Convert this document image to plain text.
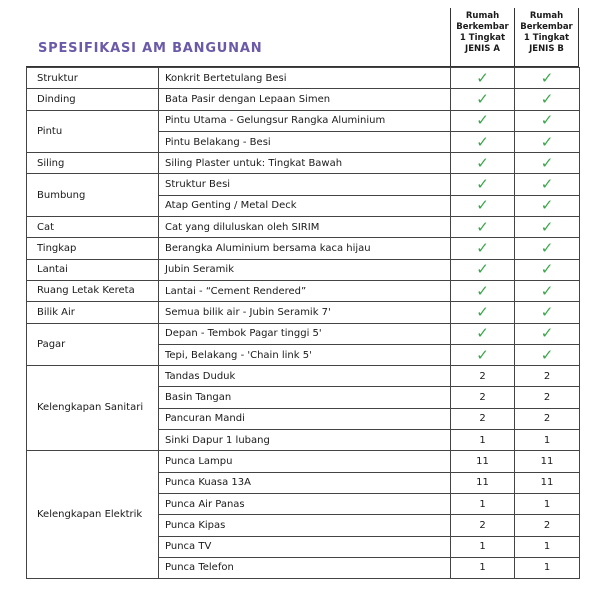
SPESIFIKASI AM BANGUNAN
Rumah
Berkembar
1 Tingkat
JENIS A
Rumah
Berkembar
1 Tingkat
JENIS B
Struktur	Konkrit Bertetulang Besi	✓	✓
Dinding	Bata Pasir dengan Lepaan Simen	✓	✓
Pintu	Pintu Utama - Gelungsur Rangka Aluminium	✓	✓
	Pintu Belakang - Besi	✓	✓
Siling	Siling Plaster untuk: Tingkat Bawah	✓	✓
Bumbung	Struktur Besi	✓	✓
	Atap Genting / Metal Deck	✓	✓
Cat	Cat yang diluluskan oleh SIRIM	✓	✓
Tingkap	Berangka Aluminium bersama kaca hijau	✓	✓
Lantai	Jubin Seramik	✓	✓
Ruang Letak Kereta	Lantai - “Cement Rendered”	✓	✓
Bilik Air	Semua bilik air - Jubin Seramik 7'	✓	✓
Pagar	Depan - Tembok Pagar tinggi 5'	✓	✓
	Tepi, Belakang - 'Chain link 5'	✓	✓
Kelengkapan Sanitari	Tandas Duduk	2	2
	Basin Tangan	2	2
	Pancuran Mandi	2	2
	Sinki Dapur 1 lubang	1	1
Kelengkapan Elektrik	Punca Lampu	11	11
	Punca Kuasa 13A	11	11
	Punca Air Panas	1	1
	Punca Kipas	2	2
	Punca TV	1	1
	Punca Telefon	1	1
